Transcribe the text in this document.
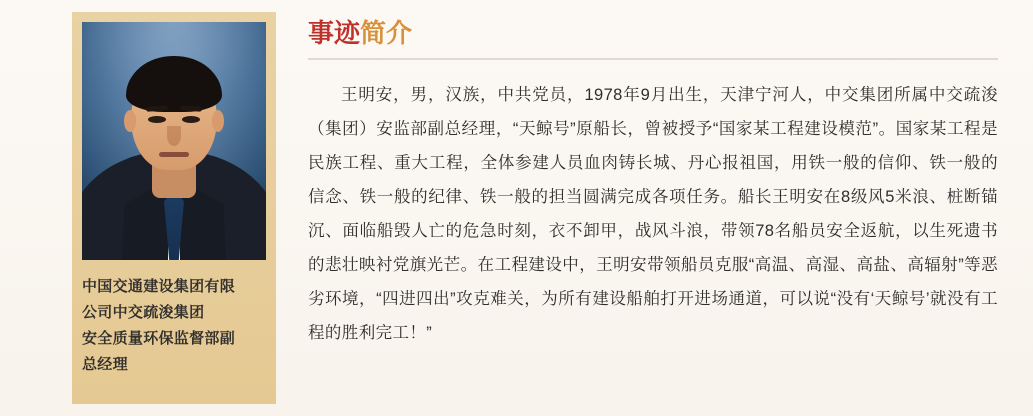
中国交通建设集团有限
公司中交疏浚集团
安全质量环保监督部副
总经理
事迹简介

王明安，男，汉族，中共党员，1978年9月出生，天津宁河人，中交集团所属中交疏浚（集团）安监部副总经理，“天鲸号”原船长，曾被授予“国家某工程建设模范”。国家某工程是民族工程、重大工程，全体参建人员血肉铸长城、丹心报祖国，用铁一般的信仰、铁一般的信念、铁一般的纪律、铁一般的担当圆满完成各项任务。船长王明安在8级风5米浪、桩断锚沉、面临船毁人亡的危急时刻，衣不卸甲，战风斗浪，带领78名船员安全返航，以生死遗书的悲壮映衬党旗光芒。在工程建设中，王明安带领船员克服“高温、高湿、高盐、高辐射”等恶劣环境，“四进四出”攻克难关，为所有建设船舶打开进场通道，可以说“没有‘天鲸号’就没有工程的胜利完工！”
